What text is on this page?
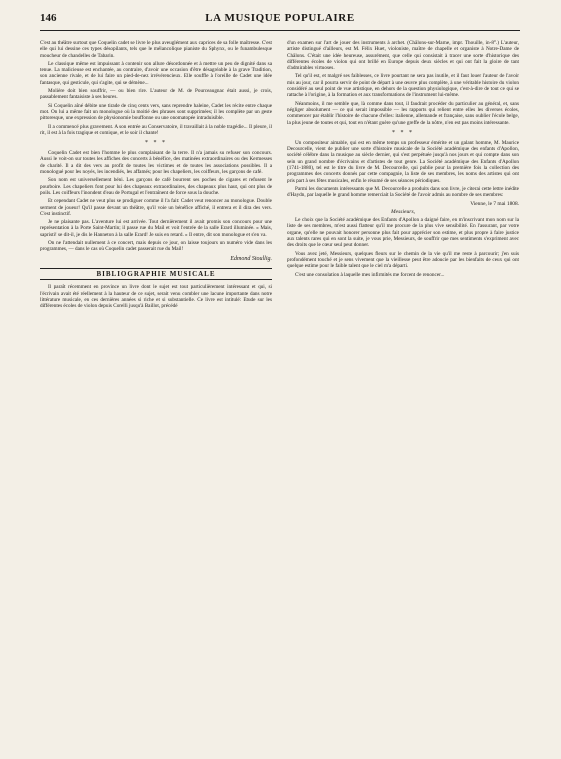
146	LA MUSIQUE POPULAIRE

C'est au théâtre surtout que Coquelin cadet se livre le plus aveuglément aux caprices de sa folle maîtresse. C'est elle qui lui dessine ces types désopilants, tels que le mélancolique pianiste du Sphynx, ou le funambulesque moucheur de chandelles de Tabarin.

Le classique même est impuissant à contenir son allure désordonnée et à mettre un peu de dignité dans sa tenue. La malicieuse est enchantée, au contraire, d'avoir une occasion d'être désagréable à la grave Tradition, son ancienne rivale, et de lui faire un pied-de-nez irrévérencieux. Elle souffle à l'oreille de Cadet une idée fantasque, qui gesticule, qui s'agite, qui se démène...

Molière doit bien souffrir, — ou bien rire. L'auteur de M. de Pourceaugnac était aussi, je crois, passablement fantaisiste à ses heures.

Si Coquelin aîné débite une tirade de cinq cents vers, sans reprendre haleine, Cadet les récite entre chaque mot. On lui a même fait un monologue où la moitié des phrases sont supprimées; il les complète par un geste pittoresque, une expression de physionomie bouffonne ou une onomatopée intraduisible.

Il a commencé plus gravement. A son entrée au Conservatoire, il travaillait à la noble tragédie... Il pleure, il rit, il est à la fois tragique et comique, et le soir il chante!

* * *

Coquelin Cadet est bien l'homme le plus complaisant de la terre. Il n'a jamais su refuser son concours. Aussi le voit-on sur toutes les affiches des concerts à bénéfice, des matinées extraordinaires ou des Kermesses de charité. Il a dit des vers au profit de toutes les victimes et de toutes les associations possibles. Il a monologué pour les noyés, les incendiés, les affamés; pour les chapeliers, les coiffeurs, les garçons de café.

Son nom est universellement béni. Les garçons de café bourrent ses poches de cigares et refusent le pourboire. Les chapeliers font pour lui des chapeaux extraordinaires, des chapeaux plus haut, qui ont plus de poils. Les coiffeurs l'inondent d'eau de Portugal et l'entraînent de force sous la douche.

Et cependant Cadet ne veut plus se prodiguer comme il l'a fait: Cadet veut renoncer au monologue. Double serment de joueur! Qu'il passe devant un théâtre, qu'il voie un bénéfice affiché, il entrera et il dira des vers. C'est instinctif.

Je ne plaisante pas. L'aventure lui est arrivée. Tout dernièrement il avait promis son concours pour une représentation à la Porte Saint-Martin; il passe rue du Mail et voit l'entrée de la salle Erard illuminée. « Mais, sapristi! se dit-il, je dis le Hanneton à la salle Erard! Je suis en retard. » Il entre, dit son monologue et s'en va.

On ne l'attendait nullement à ce concert, mais depuis ce jour, on laisse toujours un numéro vide dans les programmes, — dans le cas où Coquelin cadet passerait rue du Mail!

Edmond Stoullig.
BIBLIOGRAPHIE MUSICALE

Il paraît récemment en province un livre dont le sujet est tout particulièrement intéressant et qui, si l'écrivain avait été réellement à la hauteur de ce sujet, serait venu combler une lacune importante dans notre littérature musicale, en ces dernières années si riche et si substantielle. Ce livre est intitulé: Etude sur les différentes écoles de violon depuis Corelli jusqu'à Baillot, précédé

d'un examen sur l'art de jouer des instruments à archet. (Châlons-sur-Marne, impr. Thouille, in-8°.) L'auteur, artiste distingué d'ailleurs, est M. Félix Huet, violoniste, maître de chapelle et organiste à Notre-Dame de Châlons. C'était une idée heureuse, assurément, que celle qui consistait à tracer une sorte d'historique des différentes écoles de violon qui ont brillé en Europe depuis deux siècles et qui ont fait la gloire de tant d'admirables virtuoses.

Tel qu'il est, et malgré ses faiblesses, ce livre pourtant ne sera pas inutile, et il faut louer l'auteur de l'avoir mis au jour, car il pourra servir de point de départ à une œuvre plus complète, à une véritable histoire du violon considéré au seul point de vue artistique, en dehors de la question physiologique, c'est-à-dire de tout ce qui se rattache à l'origine, à la formation et aux transformations de l'instrument lui-même.

Néanmoins, il me semble que, là comme dans tout, il faudrait procéder du particulier au général, et, sans négliger absolument — ce qui serait impossible — les rapports qui relient entre elles les diverses écoles, commencer par établir l'histoire de chacune d'elles: italienne, allemande et française, sans oublier l'école belge, la plus jeune de toutes et qui, tout en n'étant guère qu'une greffe de la nôtre, n'en est pas moins intéressante.

* * *

Un compositeur aimable, qui est en même temps un professeur émérite et un galant homme, M. Maurice Decourcelle, vient de publier une sorte d'histoire musicale de la Société académique des enfants d'Apollon, société célèbre dans la musique au siècle dernier, qui s'est perpétuée jusqu'à nos jours et qui compte dans son sein un grand nombre d'écrivains et d'artistes de tout genre. La Société académique des Enfants d'Apollon (1741-1880), tel est le titre du livre de M. Decourcelle, qui publie pour la première fois la collection des programmes des concerts donnés par cette compagnie, la liste de ses membres, les noms des artistes qui ont pris part à ses fêtes musicales, enfin le résumé de ses séances périodiques.

Parmi les documents intéressants que M. Decourcelle a produits dans son livre, je citerai cette lettre inédite d'Haydn, par laquelle le grand homme remerciait la Société de l'avoir admis au nombre de ses membres:

Vienne, le 7 mai 1808.
Messieurs,

Le choix que la Société académique des Enfants d'Apollon a daigné faire, en m'inscrivant mon nom sur la liste de ses membres, m'est aussi flatteur qu'il me procure de la plus vive sensibilité. En l'assurant, par votre organe, qu'elle ne pouvait honorer personne plus fait pour apprécier son estime, et plus propre à faire justice aux talents rares qui en sont la suite, je vous prie, Messieurs, de souffrir que mes sentiments s'expriment avec des droits que le cœur seul peut donner.

Vous avez jeté, Messieurs, quelques fleurs sur le chemin de la vie qu'il me reste à parcourir; j'en suis profondément touché et je sens vivement que la vieillesse peut être adoucie par les bienfaits de ceux qui ont quelque estime pour le faible talent que le ciel m'a départi.

C'est une consolation à laquelle mes infirmités me forcent de renoncer...
